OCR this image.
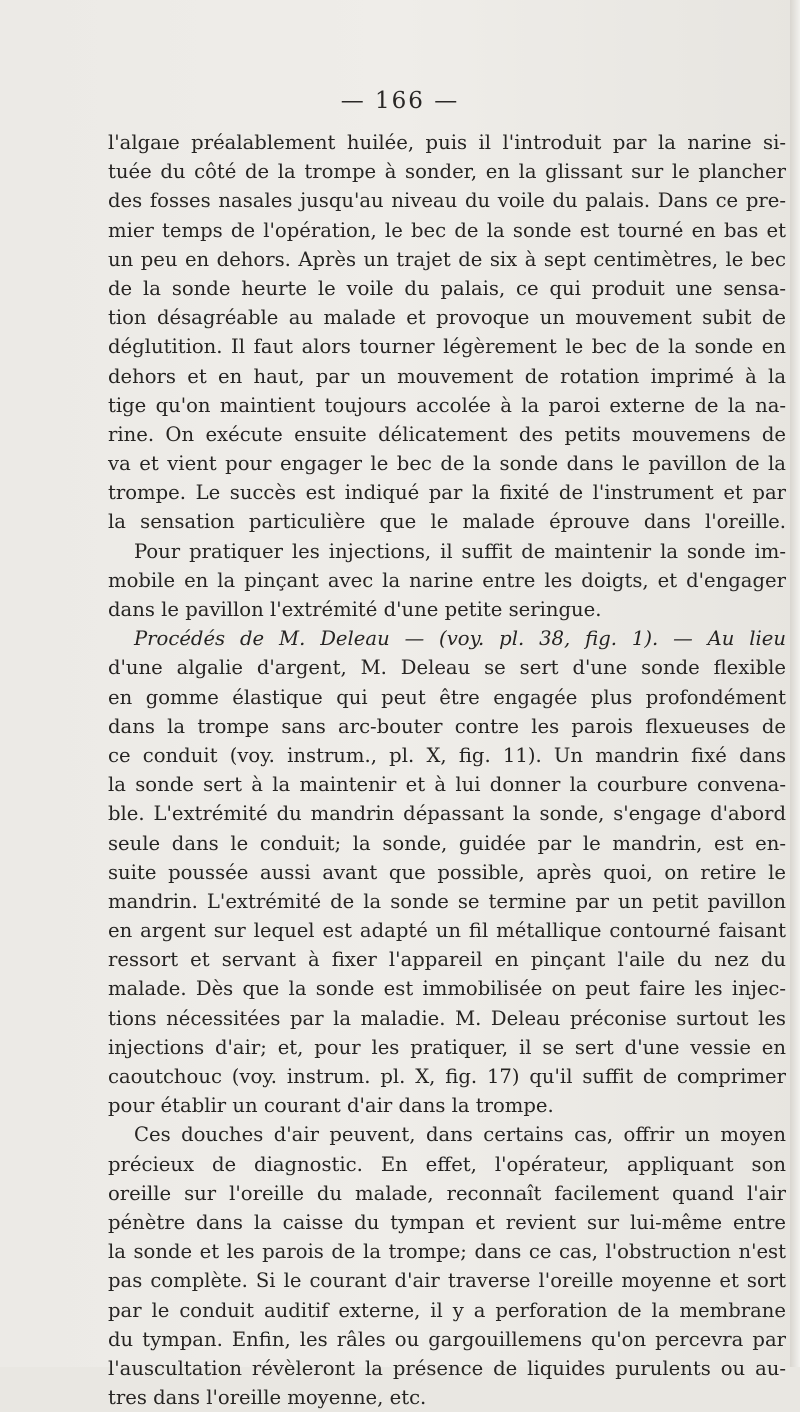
— 166 —
l'algaıe préalablement huilée, puis il l'introduit par la narine si-
tuée du côté de la trompe à sonder, en la glissant sur le plancher
des fosses nasales jusqu'au niveau du voile du palais. Dans ce pre-
mier temps de l'opération, le bec de la sonde est tourné en bas et
un peu en dehors. Après un trajet de six à sept centimètres, le bec
de la sonde heurte le voile du palais, ce qui produit une sensa-
tion désagréable au malade et provoque un mouvement subit de
déglutition. Il faut alors tourner légèrement le bec de la sonde en
dehors et en haut, par un mouvement de rotation imprimé à la
tige qu'on maintient toujours accolée à la paroi externe de la na-
rine. On exécute ensuite délicatement des petits mouvemens de
va et vient pour engager le bec de la sonde dans le pavillon de la
trompe. Le succès est indiqué par la fixité de l'instrument et par
la sensation particulière que le malade éprouve dans l'oreille.
Pour pratiquer les injections, il suffit de maintenir la sonde im-
mobile en la pinçant avec la narine entre les doigts, et d'engager
dans le pavillon l'extrémité d'une petite seringue.
Procédés de M. Deleau — (voy. pl. 38, fig. 1). — Au lieu
d'une algalie d'argent, M. Deleau se sert d'une sonde flexible
en gomme élastique qui peut être engagée plus profondément
dans la trompe sans arc-bouter contre les parois flexueuses de
ce conduit (voy. instrum., pl. X, fig. 11). Un mandrin fixé dans
la sonde sert à la maintenir et à lui donner la courbure convena-
ble. L'extrémité du mandrin dépassant la sonde, s'engage d'abord
seule dans le conduit; la sonde, guidée par le mandrin, est en-
suite poussée aussi avant que possible, après quoi, on retire le
mandrin. L'extrémité de la sonde se termine par un petit pavillon
en argent sur lequel est adapté un fil métallique contourné faisant
ressort et servant à fixer l'appareil en pinçant l'aile du nez du
malade. Dès que la sonde est immobilisée on peut faire les injec-
tions nécessitées par la maladie. M. Deleau préconise surtout les
injections d'air; et, pour les pratiquer, il se sert d'une vessie en
caoutchouc (voy. instrum. pl. X, fig. 17) qu'il suffit de comprimer
pour établir un courant d'air dans la trompe.
Ces douches d'air peuvent, dans certains cas, offrir un moyen
précieux de diagnostic. En effet, l'opérateur, appliquant son
oreille sur l'oreille du malade, reconnaît facilement quand l'air
pénètre dans la caisse du tympan et revient sur lui-même entre
la sonde et les parois de la trompe; dans ce cas, l'obstruction n'est
pas complète. Si le courant d'air traverse l'oreille moyenne et sort
par le conduit auditif externe, il y a perforation de la membrane
du tympan. Enfin, les râles ou gargouillemens qu'on percevra par
l'auscultation révèleront la présence de liquides purulents ou au-
tres dans l'oreille moyenne, etc.
